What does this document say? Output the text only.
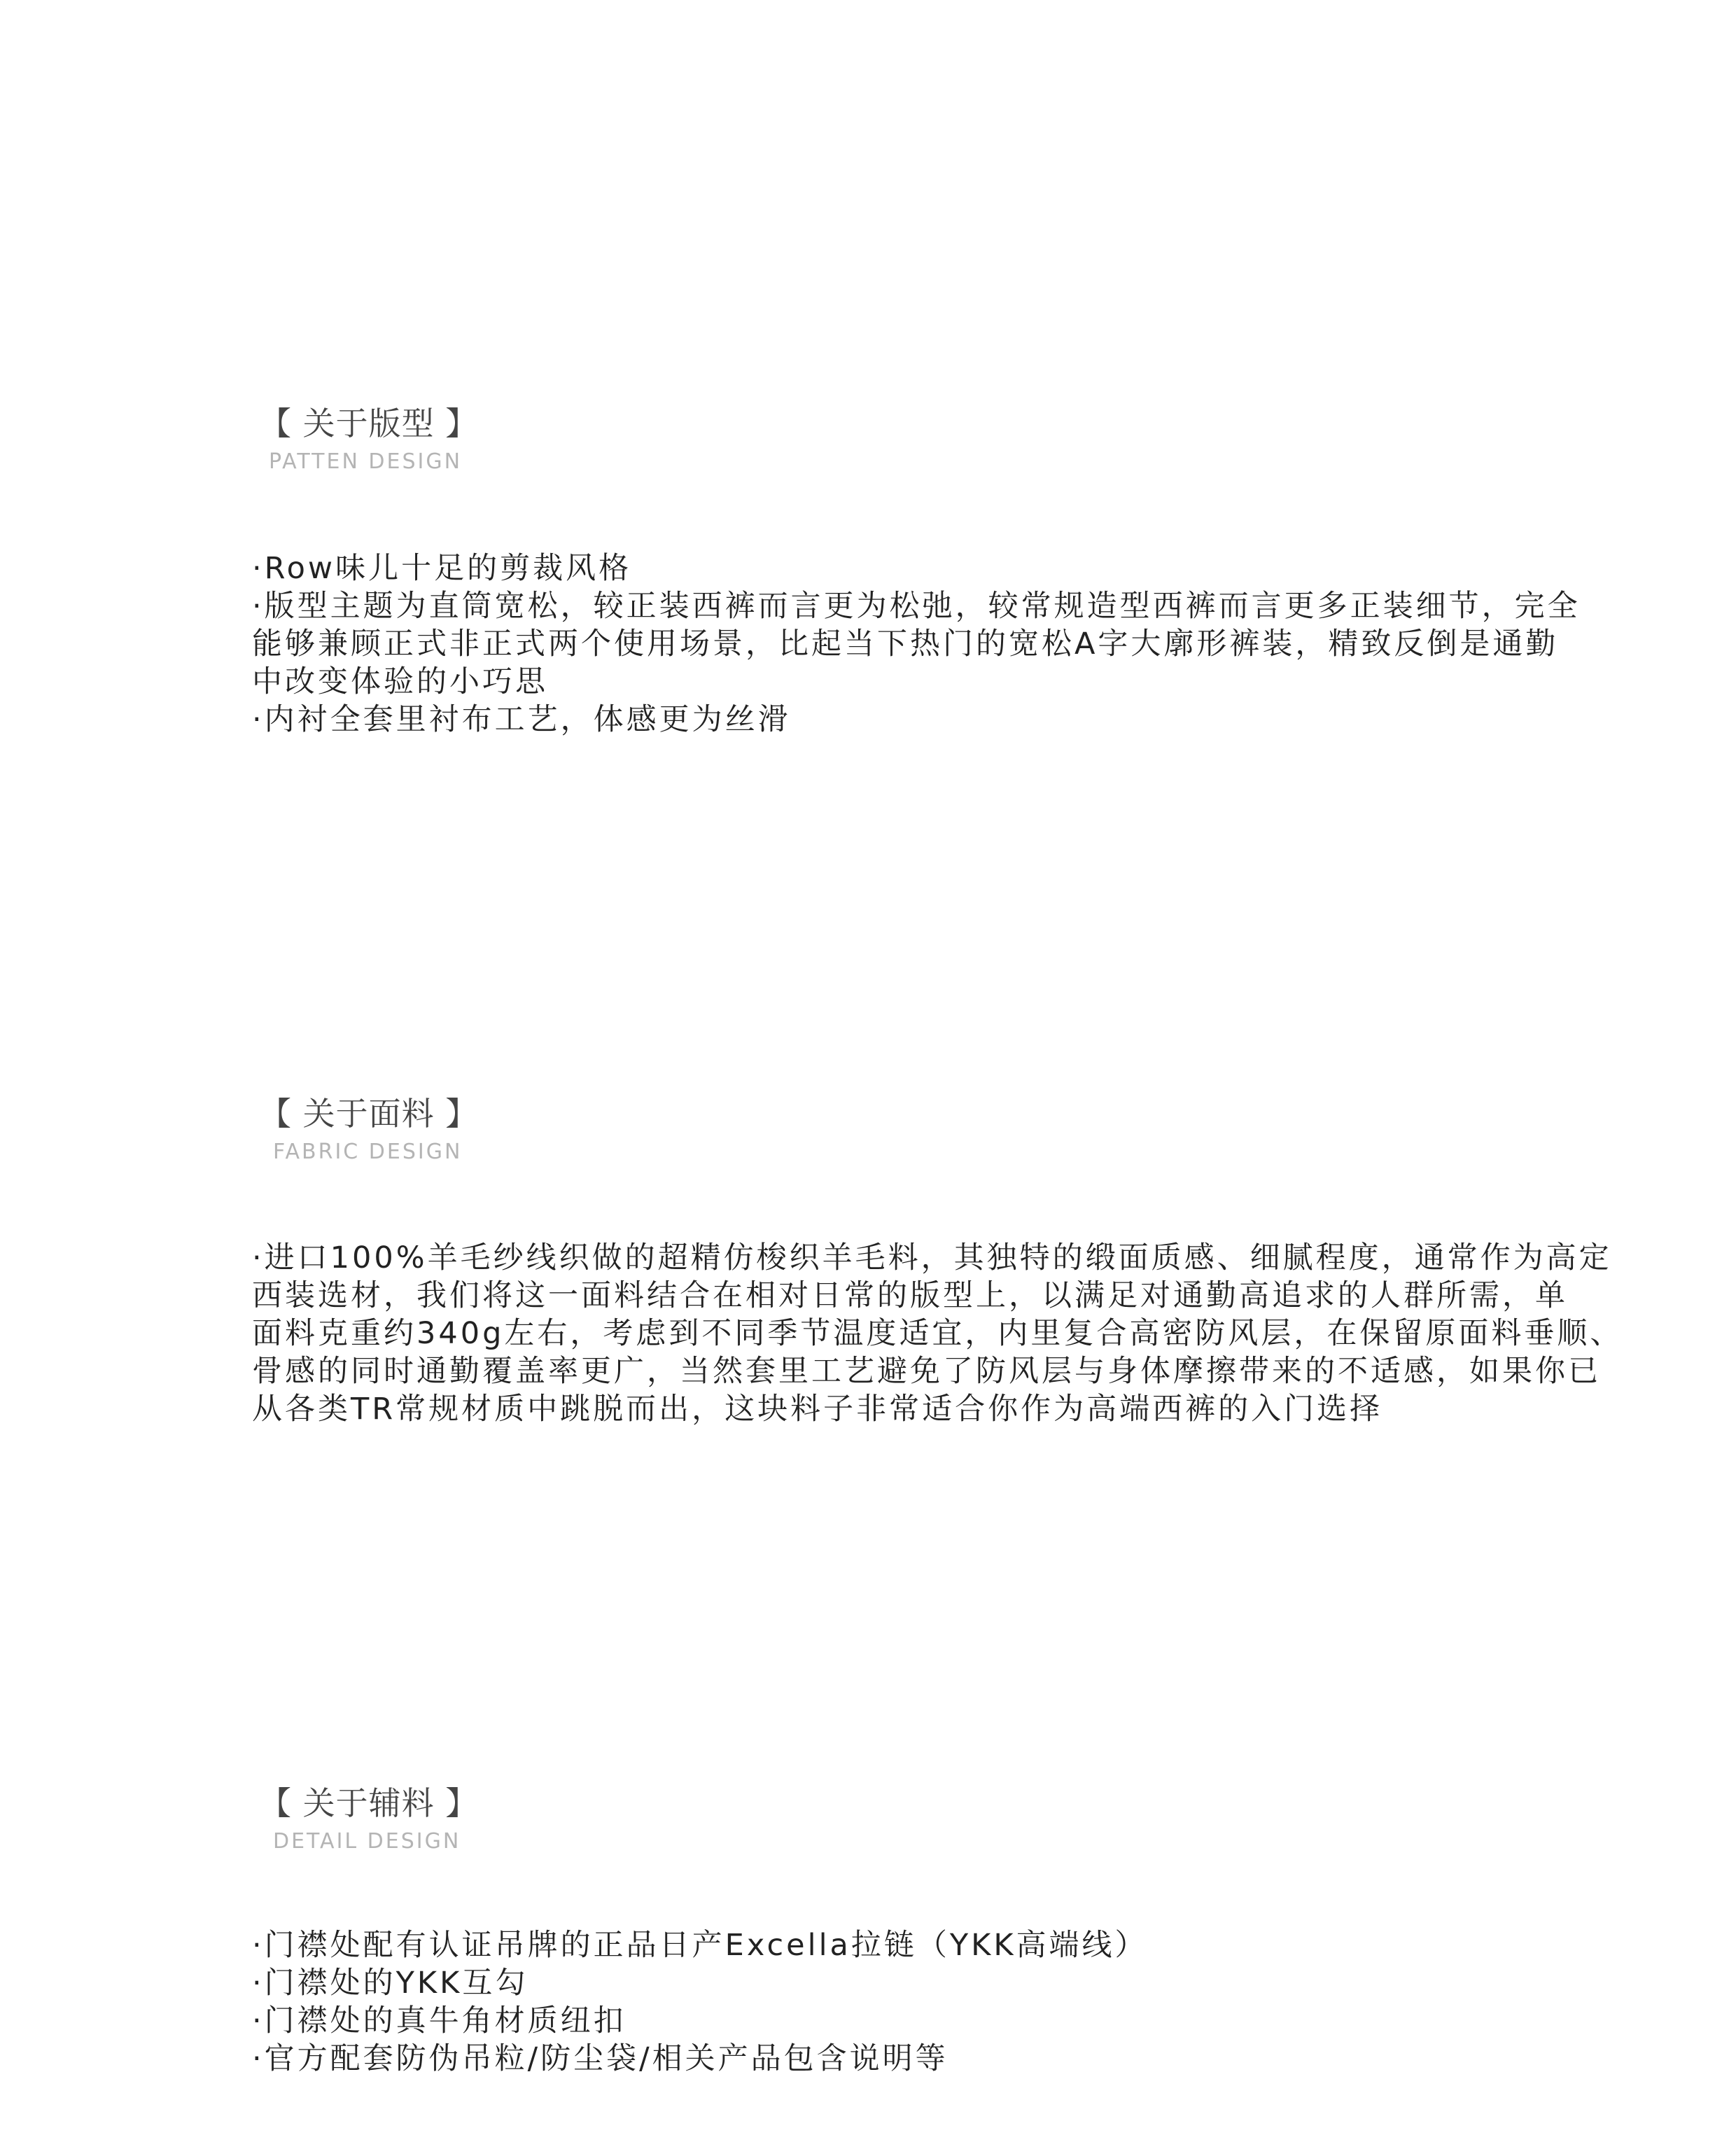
【 关于版型 】
PATTEN DESIGN
·Row味儿十足的剪裁风格
·版型主题为直筒宽松，较正装西裤而言更为松弛，较常规造型西裤而言更多正装细节，完全
能够兼顾正式非正式两个使用场景，比起当下热门的宽松A字大廓形裤装，精致反倒是通勤
中改变体验的小巧思
·内衬全套里衬布工艺，体感更为丝滑
【 关于面料 】
FABRIC DESIGN
·进口100%羊毛纱线织做的超精仿梭织羊毛料，其独特的缎面质感、细腻程度，通常作为高定
西装选材，我们将这一面料结合在相对日常的版型上，以满足对通勤高追求的人群所需，单
面料克重约340g左右，考虑到不同季节温度适宜，内里复合高密防风层，在保留原面料垂顺、
骨感的同时通勤覆盖率更广，当然套里工艺避免了防风层与身体摩擦带来的不适感，如果你已
从各类TR常规材质中跳脱而出，这块料子非常适合你作为高端西裤的入门选择
【 关于辅料 】
DETAIL DESIGN
·门襟处配有认证吊牌的正品日产Excella拉链（YKK高端线）
·门襟处的YKK互勾
·门襟处的真牛角材质纽扣
·官方配套防伪吊粒/防尘袋/相关产品包含说明等
